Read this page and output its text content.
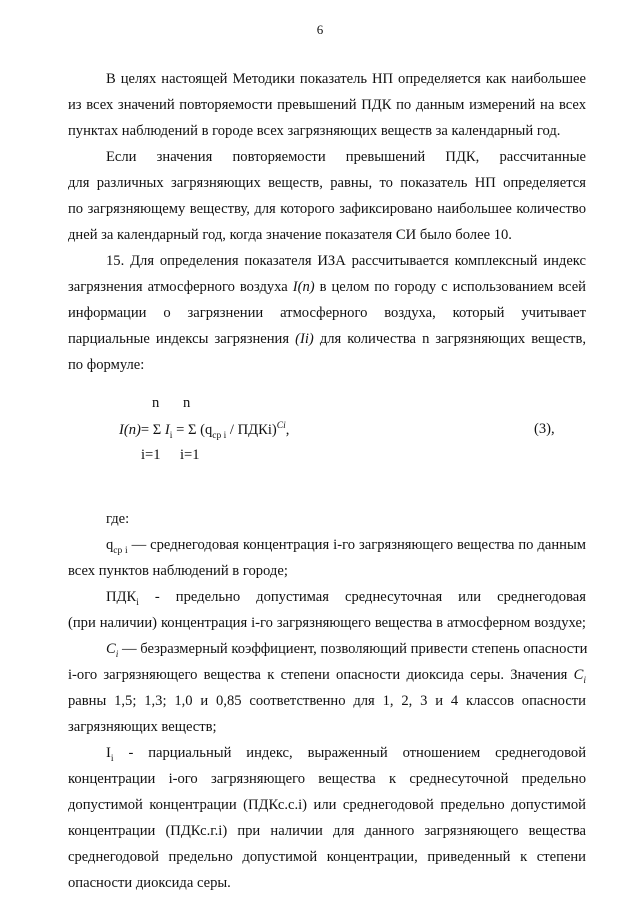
6
В целях настоящей Методики показатель НП определяется как наибольшее
из всех значений повторяемости превышений ПДК по данным измерений на всех
пунктах наблюдений в городе всех загрязняющих веществ за календарный год.
Если значения повторяемости превышений ПДК, рассчитанные
для различных загрязняющих веществ, равны, то показатель НП определяется
по загрязняющему веществу, для которого зафиксировано наибольшее количество
дней за календарный год, когда значение показателя СИ было более 10.
15. Для определения показателя ИЗА рассчитывается комплексный индекс
загрязнения атмосферного воздуха I(n) в целом по городу с использованием всей
информации о загрязнении атмосферного воздуха, который учитывает
парциальные индексы загрязнения (Ii) для количества n загрязняющих веществ,
по формуле:
n n
I(n)= Σ $I_i = \Sigma$ ($q_{ср i}$ / ПДКi)$^{Ci}$,
i=1 i=1
(3),
где:
$q_{ср i}$ — среднегодовая концентрация i-го загрязняющего вещества по данным
всех пунктов наблюдений в городе;
$ПДК_i$ - предельно допустимая среднесуточная или среднегодовая
(при наличии) концентрация i-го загрязняющего вещества в атмосферном воздухе;
$C_i$ — безразмерный коэффициент, позволяющий привести степень опасности
i-ого загрязняющего вещества к степени опасности диоксида серы. Значения $C_i$
равны 1,5; 1,3; 1,0 и 0,85 соответственно для 1, 2, 3 и 4 классов опасности
загрязняющих веществ;
$I_i$ - парциальный индекс, выраженный отношением среднегодовой
концентрации i-ого загрязняющего вещества к среднесуточной предельно
допустимой концентрации (ПДКс.с.i) или среднегодовой предельно допустимой
концентрации (ПДКс.г.i) при наличии для данного загрязняющего вещества
среднегодовой предельно допустимой концентрации, приведенный к степени
опасности диоксида серы.
